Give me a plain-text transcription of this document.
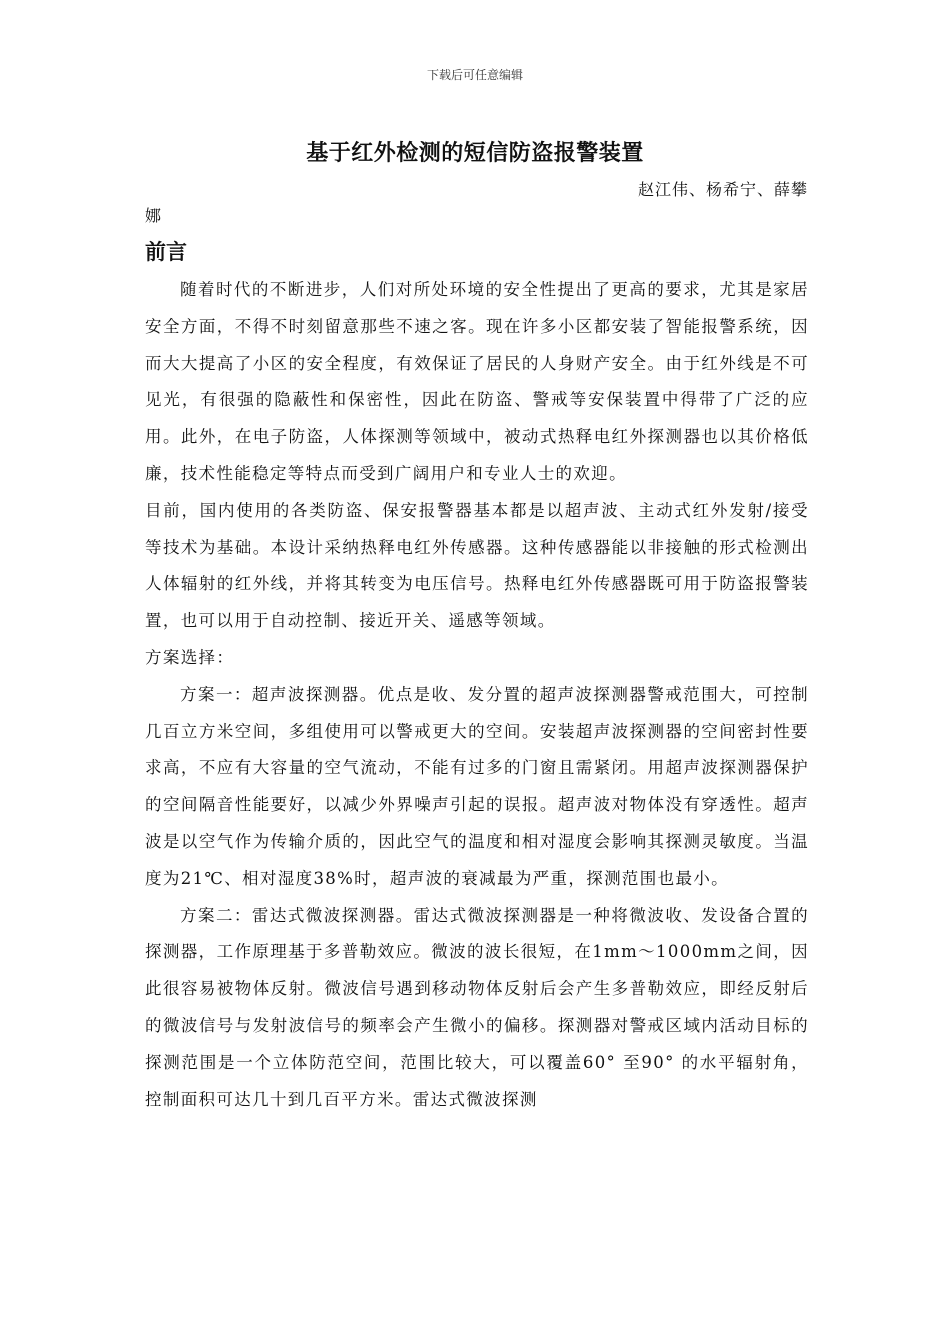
下载后可任意编辑
基于红外检测的短信防盗报警装置
赵江伟、杨希宁、薛攀
娜
前言

随着时代的不断进步，人们对所处环境的安全性提出了更高的要求，尤其是家居安全方面，不得不时刻留意那些不速之客。现在许多小区都安装了智能报警系统，因而大大提高了小区的安全程度，有效保证了居民的人身财产安全。由于红外线是不可见光，有很强的隐蔽性和保密性，因此在防盗、警戒等安保装置中得带了广泛的应用。此外，在电子防盗，人体探测等领域中，被动式热释电红外探测器也以其价格低廉，技术性能稳定等特点而受到广阔用户和专业人士的欢迎。

目前，国内使用的各类防盗、保安报警器基本都是以超声波、主动式红外发射/接受等技术为基础。本设计采纳热释电红外传感器。这种传感器能以非接触的形式检测出人体辐射的红外线，并将其转变为电压信号。热释电红外传感器既可用于防盗报警装置，也可以用于自动控制、接近开关、遥感等领域。

方案选择：

方案一：超声波探测器。优点是收、发分置的超声波探测器警戒范围大，可控制几百立方米空间，多组使用可以警戒更大的空间。安装超声波探测器的空间密封性要求高，不应有大容量的空气流动，不能有过多的门窗且需紧闭。用超声波探测器保护的空间隔音性能要好，以减少外界噪声引起的误报。超声波对物体没有穿透性。超声波是以空气作为传输介质的，因此空气的温度和相对湿度会影响其探测灵敏度。当温度为21℃、相对湿度38%时，超声波的衰减最为严重，探测范围也最小。

方案二：雷达式微波探测器。雷达式微波探测器是一种将微波收、发设备合置的探测器，工作原理基于多普勒效应。微波的波长很短，在1mm～1000mm之间，因此很容易被物体反射。微波信号遇到移动物体反射后会产生多普勒效应，即经反射后的微波信号与发射波信号的频率会产生微小的偏移。探测器对警戒区域内活动目标的探测范围是一个立体防范空间，范围比较大，可以覆盖60° 至90° 的水平辐射角，控制面积可达几十到几百平方米。雷达式微波探测
